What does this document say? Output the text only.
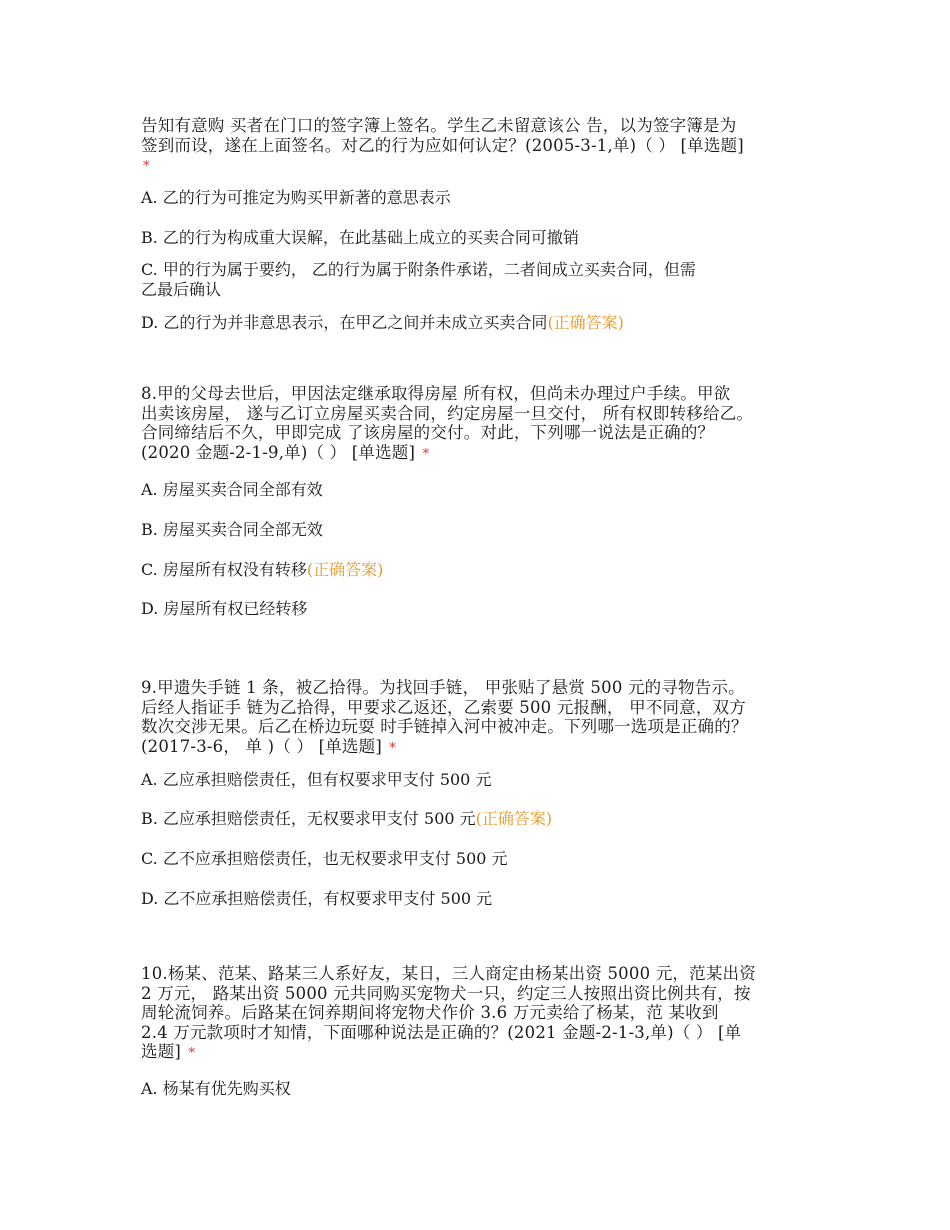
告知有意购 买者在门口的签字簿上签名。学生乙未留意该公 告，以为签字簿是为
签到而设，遂在上面签名。对乙的行为应如何认定？(2005-3-1,单)（ ） [单选题]
*
A. 乙的行为可推定为购买甲新著的意思表示
B. 乙的行为构成重大误解，在此基础上成立的买卖合同可撤销
C. 甲的行为属于要约， 乙的行为属于附条件承诺，二者间成立买卖合同，但需
乙最后确认
D. 乙的行为并非意思表示，在甲乙之间并未成立买卖合同(正确答案)
8.甲的父母去世后，甲因法定继承取得房屋 所有权，但尚未办理过户手续。甲欲
出卖该房屋， 遂与乙订立房屋买卖合同，约定房屋一旦交付， 所有权即转移给乙。
合同缔结后不久，甲即完成 了该房屋的交付。对此，下列哪一说法是正确的？
(2020 金题-2-1-9,单)（ ） [单选题] *
A. 房屋买卖合同全部有效
B. 房屋买卖合同全部无效
C. 房屋所有权没有转移(正确答案)
D. 房屋所有权已经转移
9.甲遗失手链 1 条，被乙拾得。为找回手链， 甲张贴了悬赏 500 元的寻物告示。
后经人指证手 链为乙拾得，甲要求乙返还，乙索要 500 元报酬， 甲不同意，双方
数次交涉无果。后乙在桥边玩耍 时手链掉入河中被冲走。下列哪一选项是正确的？
(2017-3-6， 单 )（ ） [单选题] *
A. 乙应承担赔偿责任，但有权要求甲支付 500 元
B. 乙应承担赔偿责任，无权要求甲支付 500 元(正确答案)
C. 乙不应承担赔偿责任，也无权要求甲支付 500 元
D. 乙不应承担赔偿责任，有权要求甲支付 500 元
10.杨某、范某、路某三人系好友，某日，三人商定由杨某出资 5000 元，范某出资
2 万元， 路某出资 5000 元共同购买宠物犬一只，约定三人按照出资比例共有，按
周轮流饲养。后路某在饲养期间将宠物犬作价 3.6 万元卖给了杨某，范 某收到
2.4 万元款项时才知情，下面哪种说法是正确的？(2021 金题-2-1-3,单)（ ） [单
选题] *
A. 杨某有优先购买权
